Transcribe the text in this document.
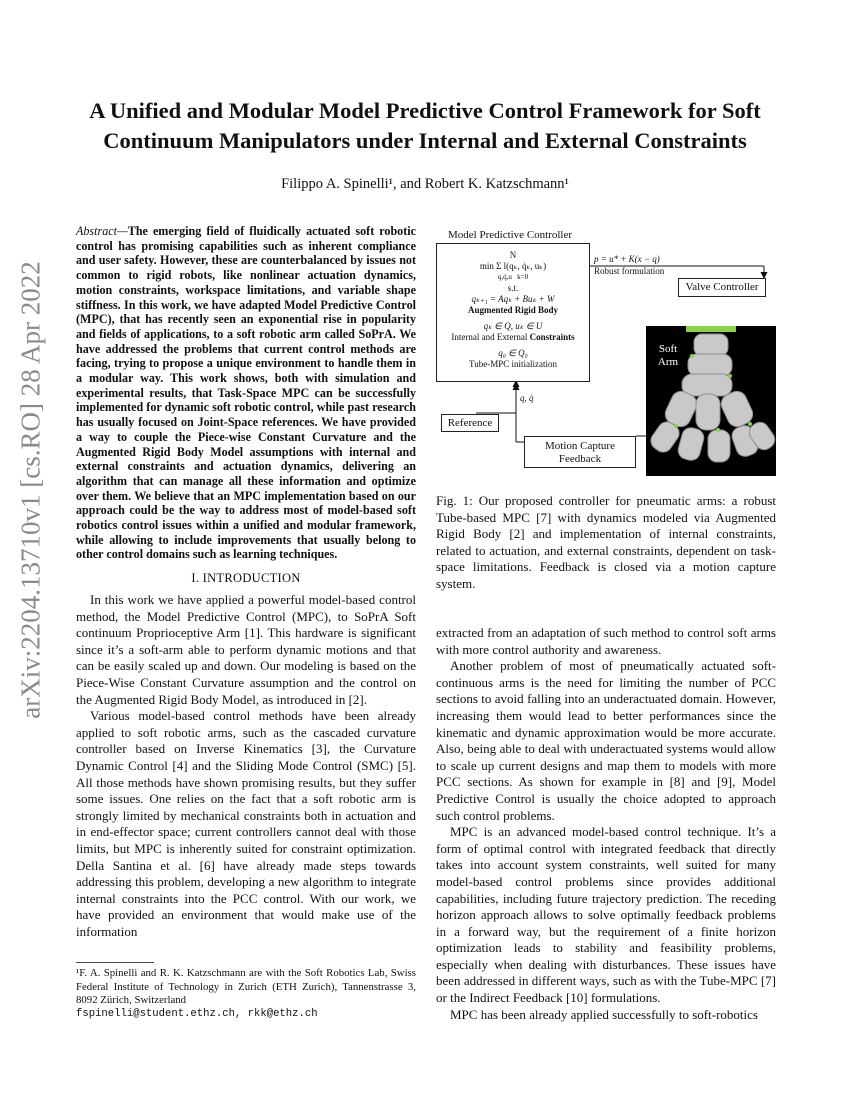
arXiv:2204.13710v1 [cs.RO] 28 Apr 2022
A Unified and Modular Model Predictive Control Framework for Soft Continuum Manipulators under Internal and External Constraints
Filippo A. Spinelli¹, and Robert K. Katzschmann¹
Abstract—The emerging field of fluidically actuated soft robotic control has promising capabilities such as inherent compliance and user safety. However, these are counterbalanced by issues not common to rigid robots, like nonlinear actuation dynamics, motion constraints, workspace limitations, and variable shape stiffness. In this work, we have adapted Model Predictive Control (MPC), that has recently seen an exponential rise in popularity and fields of applications, to a soft robotic arm called SoPrA. We have addressed the problems that current control methods are facing, trying to propose a unique environment to handle them in a modular way. This work shows, both with simulation and experimental results, that Task-Space MPC can be successfully implemented for dynamic soft robotic control, while past research has usually focused on Joint-Space references. We have provided a way to couple the Piece-wise Constant Curvature and the Augmented Rigid Body Model assumptions with internal and external constraints and actuation dynamics, delivering an algorithm that can manage all these information and optimize over them. We believe that an MPC implementation based on our approach could be the way to address most of model-based soft robotics control issues within a unified and modular framework, while allowing to include improvements that usually belong to other control domains such as learning techniques.
I. INTRODUCTION

In this work we have applied a powerful model-based control method, the Model Predictive Control (MPC), to SoPrA Soft continuum Proprioceptive Arm [1]. This hardware is significant since it’s a soft-arm able to perform dynamic motions and that can be easily scaled up and down. Our modeling is based on the Piece-Wise Constant Curvature assumption and the control on the Augmented Rigid Body Model, as introduced in [2].

Various model-based control methods have been already applied to soft robotic arms, such as the cascaded curvature controller based on Inverse Kinematics [3], the Curvature Dynamic Control [4] and the Sliding Mode Control (SMC) [5]. All those methods have shown promising results, but they suffer some issues. One relies on the fact that a soft robotic arm is strongly limited by mechanical constraints both in actuation and in end-effector space; current controllers cannot deal with those limits, but MPC is inherently suited for constraint optimization. Della Santina et al. [6] have already made steps towards addressing this problem, developing a new algorithm to integrate internal constraints into the PCC control. With our work, we have provided an environment that would make use of the information

¹F. A. Spinelli and R. K. Katzschmann are with the Soft Robotics Lab, Swiss Federal Institute of Technology in Zurich (ETH Zurich), Tannenstrasse 3, 8092 Zürich, Switzerland
fspinelli@student.ethz.ch, rkk@ethz.ch
Model Predictive Controller
N
min Σ l(qₖ, q̇ₖ, uₖ)
q,q̇,u k=0
s.t.
qₖ₊₁ = Aqₖ + Buₖ + W
Augmented Rigid Body
qₖ ∈ Q, uₖ ∈ U
Internal and External Constraints
q₀ ∈ Q₀
Tube-MPC initialization
p = u* + K(x − q)
Robust formulation
Valve Controller
Soft Arm
q, q̇
Reference
Motion Capture Feedback
Fig. 1: Our proposed controller for pneumatic arms: a robust Tube-based MPC [7] with dynamics modeled via Augmented Rigid Body [2] and implementation of internal constraints, related to actuation, and external constraints, dependent on task-space limitations. Feedback is closed via a motion capture system.

extracted from an adaptation of such method to control soft arms with more control authority and awareness.

Another problem of most of pneumatically actuated soft-continuous arms is the need for limiting the number of PCC sections to avoid falling into an underactuated domain. However, increasing them would lead to better performances since the kinematic and dynamic approximation would be more accurate. Also, being able to deal with underactuated systems would allow to scale up current designs and map them to models with more PCC sections. As shown for example in [8] and [9], Model Predictive Control is usually the choice adopted to approach such control problems.

MPC is an advanced model-based control technique. It’s a form of optimal control with integrated feedback that directly takes into account system constraints, well suited for many model-based control problems since provides additional capabilities, including future trajectory prediction. The receding horizon approach allows to solve optimally feedback problems in a forward way, but the requirement of a finite horizon optimization leads to stability and feasibility problems, especially when dealing with disturbances. These issues have been addressed in different ways, such as with the Tube-MPC [7] or the Indirect Feedback [10] formulations.

MPC has been already applied successfully to soft-robotics
